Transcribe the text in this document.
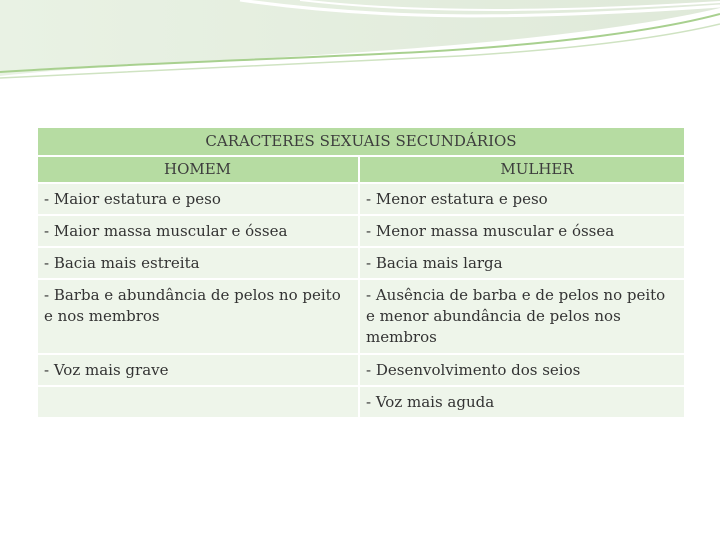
CARACTERES SEXUAIS SECUNDÁRIOS	
HOMEM	MULHER
- Maior estatura e peso	- Menor estatura e peso
- Maior massa muscular e óssea	- Menor massa muscular e óssea
- Bacia mais estreita	- Bacia mais larga
- Barba e abundância de pelos no peito e nos membros	- Ausência de barba e de pelos no peito e menor abundância de pelos nos membros
- Voz mais grave	- Desenvolvimento dos seios
	- Voz mais aguda
